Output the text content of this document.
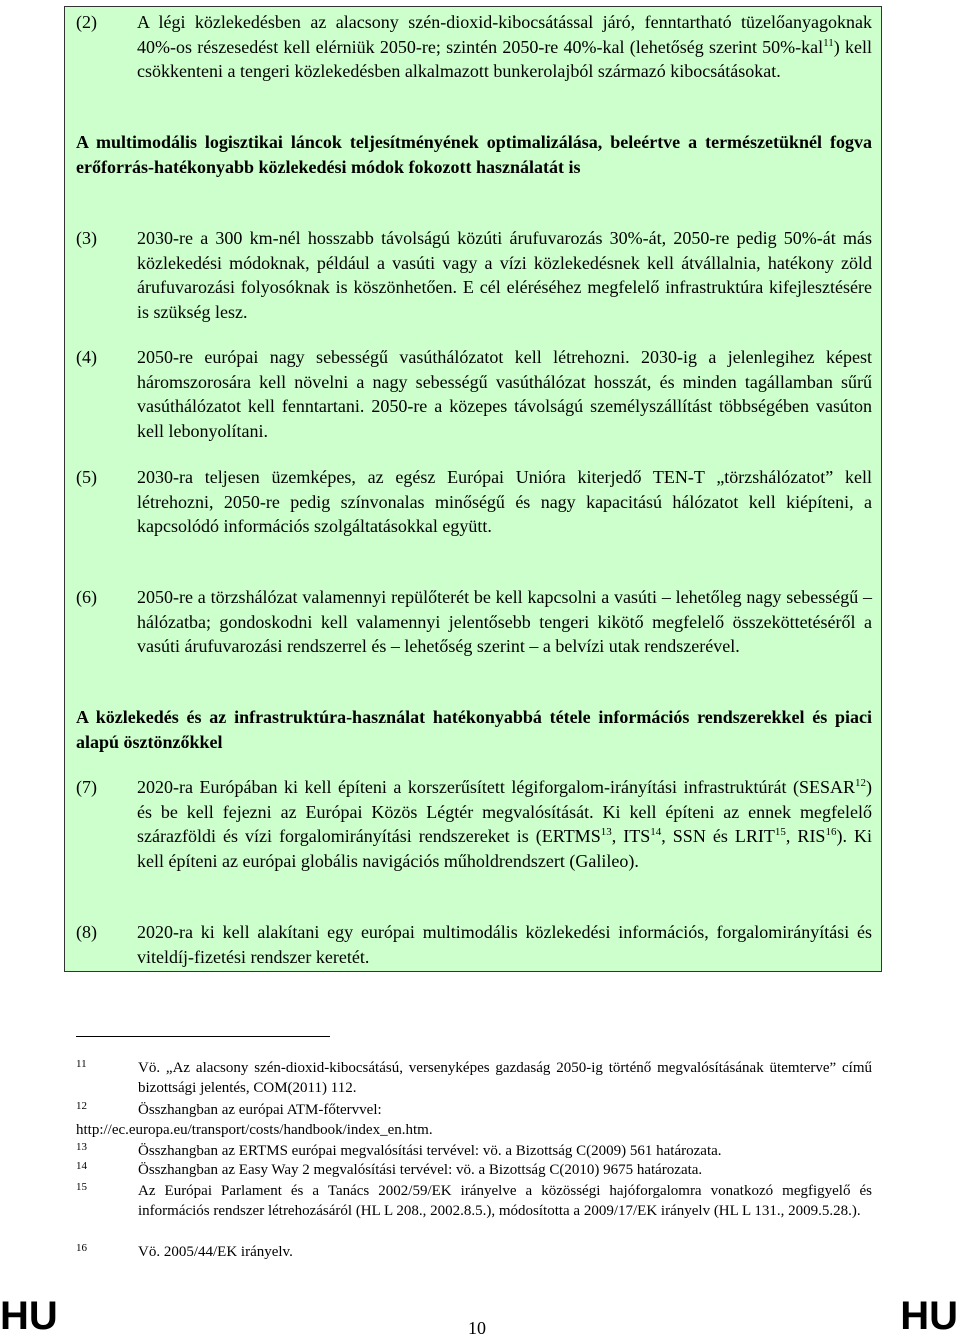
(2) A légi közlekedésben az alacsony szén-dioxid-kibocsátással járó, fenntartható tüzelőanyagoknak 40%-os részesedést kell elérniük 2050-re; szintén 2050-re 40%-kal (lehetőség szerint 50%-kal$^{11}$) kell csökkenteni a tengeri közlekedésben alkalmazott bunkerolajból származó kibocsátásokat.
A multimodális logisztikai láncok teljesítményének optimalizálása, beleértve a természetüknél fogva erőforrás-hatékonyabb közlekedési módok fokozott használatát is
(3) 2030-re a 300 km-nél hosszabb távolságú közúti árufuvarozás 30%-át, 2050-re pedig 50%-át más közlekedési módoknak, például a vasúti vagy a vízi közlekedésnek kell átvállalnia, hatékony zöld árufuvarozási folyosóknak is köszönhetően. E cél eléréséhez megfelelő infrastruktúra kifejlesztésére is szükség lesz.
(4) 2050-re európai nagy sebességű vasúthálózatot kell létrehozni. 2030-ig a jelenlegihez képest háromszorosára kell növelni a nagy sebességű vasúthálózat hosszát, és minden tagállamban sűrű vasúthálózatot kell fenntartani. 2050-re a közepes távolságú személyszállítást többségében vasúton kell lebonyolítani.
(5) 2030-ra teljesen üzemképes, az egész Európai Unióra kiterjedő TEN-T „törzshálózatot” kell létrehozni, 2050-re pedig színvonalas minőségű és nagy kapacitású hálózatot kell kiépíteni, a kapcsolódó információs szolgáltatásokkal együtt.
(6) 2050-re a törzshálózat valamennyi repülőterét be kell kapcsolni a vasúti – lehetőleg nagy sebességű – hálózatba; gondoskodni kell valamennyi jelentősebb tengeri kikötő megfelelő összeköttetéséről a vasúti árufuvarozási rendszerrel és – lehetőség szerint – a belvízi utak rendszerével.
A közlekedés és az infrastruktúra-használat hatékonyabbá tétele információs rendszerekkel és piaci alapú ösztönzőkkel
(7) 2020-ra Európában ki kell építeni a korszerűsített légiforgalom-irányítási infrastruktúrát (SESAR$^{12}$) és be kell fejezni az Európai Közös Légtér megvalósítását. Ki kell építeni az ennek megfelelő szárazföldi és vízi forgalomirányítási rendszereket is (ERTMS$^{13}$, ITS$^{14}$, SSN és LRIT$^{15}$, RIS$^{16}$). Ki kell építeni az európai globális navigációs műholdrendszert (Galileo).
(8) 2020-ra ki kell alakítani egy európai multimodális közlekedési információs, forgalomirányítási és viteldíj-fizetési rendszer keretét.
11	Vö. „Az alacsony szén-dioxid-kibocsátású, versenyképes gazdaság 2050-ig történő megvalósításának ütemterve” című bizottsági jelentés, COM(2011) 112.
12	Összhangban az európai ATM-főtervvel:
http://ec.europa.eu/transport/costs/handbook/index_en.htm.
13	Összhangban az ERTMS európai megvalósítási tervével: vö. a Bizottság C(2009) 561 határozata.
14	Összhangban az Easy Way 2 megvalósítási tervével: vö. a Bizottság C(2010) 9675 határozata.
15	Az Európai Parlament és a Tanács 2002/59/EK irányelve a közösségi hajóforgalomra vonatkozó megfigyelő és információs rendszer létrehozásáról (HL L 208., 2002.8.5.), módosította a 2009/17/EK irányelv (HL L 131., 2009.5.28.).
16	Vö. 2005/44/EK irányelv.
HU	10	HU
